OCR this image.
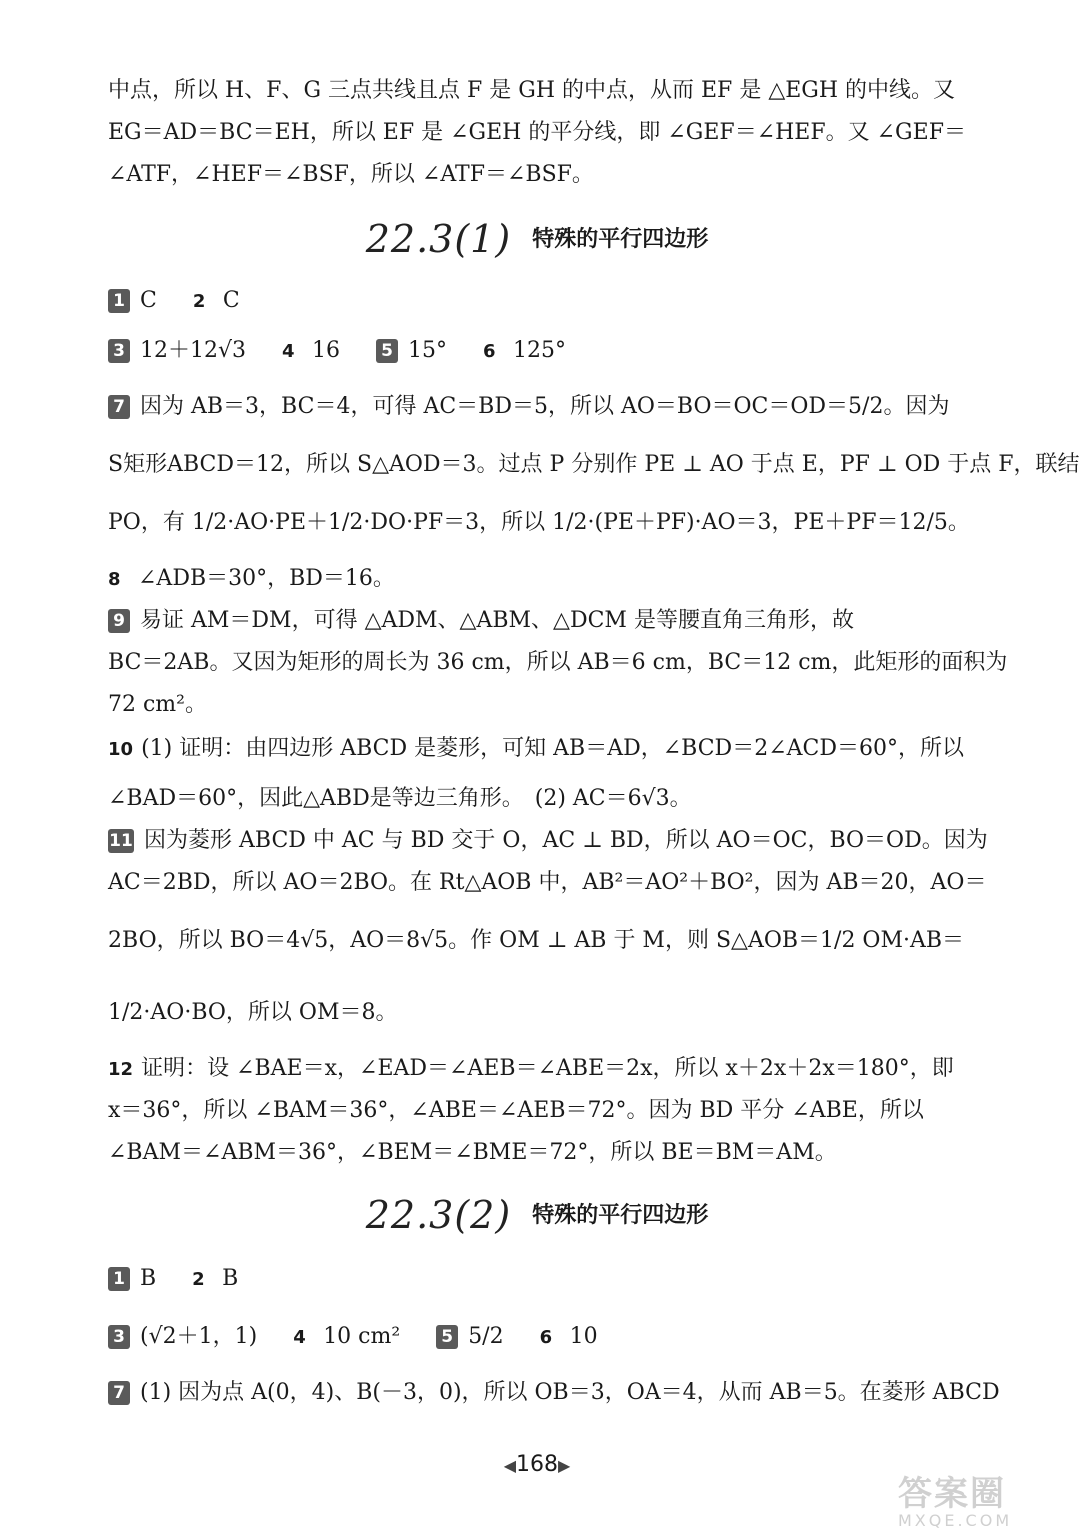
中点，所以 H、F、G 三点共线且点 F 是 GH 的中点，从而 EF 是 △EGH 的中线。又
EG＝AD＝BC＝EH，所以 EF 是 ∠GEH 的平分线，即 ∠GEF＝∠HEF。又 ∠GEF＝
∠ATF，∠HEF＝∠BSF，所以 ∠ATF＝∠BSF。
22.3(1) 特殊的平行四边形
1 C 2 C
3 12＋12√3 4 16 5 15° 6 125°
7 因为 AB＝3，BC＝4，可得 AC＝BD＝5，所以 AO＝BO＝OC＝OD＝5/2。因为
S矩形ABCD＝12，所以 S△AOD＝3。过点 P 分别作 PE ⊥ AO 于点 E，PF ⊥ OD 于点 F，联结
PO，有 1/2·AO·PE＋1/2·DO·PF＝3，所以 1/2·(PE＋PF)·AO＝3，PE＋PF＝12/5。
8 ∠ADB＝30°，BD＝16。
9 易证 AM＝DM，可得 △ADM、△ABM、△DCM 是等腰直角三角形，故
BC＝2AB。又因为矩形的周长为 36 cm，所以 AB＝6 cm，BC＝12 cm，此矩形的面积为
72 cm²。
10 (1) 证明：由四边形 ABCD 是菱形，可知 AB＝AD，∠BCD＝2∠ACD＝60°，所以
∠BAD＝60°，因此△ABD是等边三角形。　(2) AC＝6√3。
11 因为菱形 ABCD 中 AC 与 BD 交于 O，AC ⊥ BD，所以 AO＝OC，BO＝OD。因为
AC＝2BD，所以 AO＝2BO。在 Rt△AOB 中，AB²＝AO²＋BO²，因为 AB＝20，AO＝
2BO，所以 BO＝4√5，AO＝8√5。作 OM ⊥ AB 于 M，则 S△AOB＝1/2 OM·AB＝
1/2·AO·BO，所以 OM＝8。
12 证明：设 ∠BAE＝x，∠EAD＝∠AEB＝∠ABE＝2x，所以 x＋2x＋2x＝180°，即
x＝36°，所以 ∠BAM＝36°，∠ABE＝∠AEB＝72°。因为 BD 平分 ∠ABE，所以
∠BAM＝∠ABM＝36°，∠BEM＝∠BME＝72°，所以 BE＝BM＝AM。
22.3(2) 特殊的平行四边形
1 B 2 B
3 (√2＋1，1) 4 10 cm² 5 5/2 6 10
7 (1) 因为点 A(0，4)、B(－3，0)，所以 OB＝3，OA＝4，从而 AB＝5。在菱形 ABCD
◀168▶
答案圈
MXQE.COM
